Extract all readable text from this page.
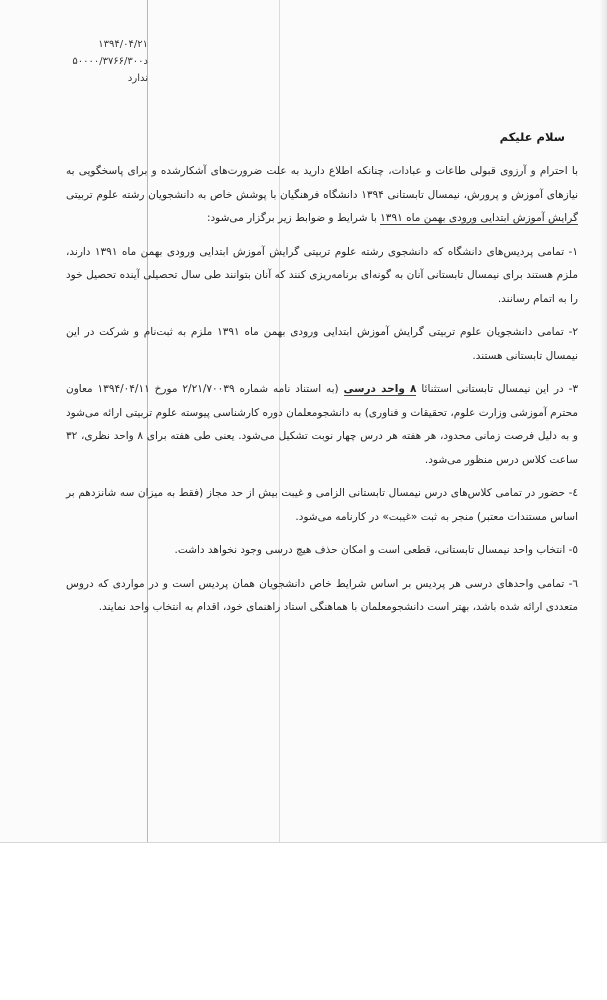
۱۳۹۴/۰۴/۲۱
۵۰۰۰۰/۳۷۶۶/۳۰۰د
ندارد
سلام علیکم

با احترام و آرزوی قبولی طاعات و عبادات، چنانکه اطلاع دارید به علت ضرورت‌های آشکارشده و برای پاسخگویی به نیازهای آموزش و پرورش، نیمسال تابستانی ۱۳۹۴ دانشگاه فرهنگیان با پوشش خاص به دانشجویان رشته علوم تربیتی گرایش آموزش ابتدایی ورودی بهمن ماه ۱۳۹۱ با شرایط و ضوابط زیر برگزار می‌شود:

۱- تمامی پردیس‌های دانشگاه که دانشجوی رشته علوم تربیتی گرایش آموزش ابتدایی ورودی بهمن ماه ۱۳۹۱ دارند، ملزم هستند برای نیمسال تابستانی آنان به گونه‌ای برنامه‌ریزی کنند که آنان بتوانند طی سال تحصیلی آینده تحصیل خود را به اتمام رسانند.

۲- تمامی دانشجویان علوم تربیتی گرایش آموزش ابتدایی ورودی بهمن ماه ۱۳۹۱ ملزم به ثبت‌نام و شرکت در این نیمسال تابستانی هستند.

۳- در این نیمسال تابستانی استثنائا ۸ واحد درسی (به استناد نامه شماره ۲/۲۱/۷۰۰۳۹ مورخ ۱۳۹۴/۰۴/۱۱ معاون محترم آموزشی وزارت علوم، تحقیقات و فناوری) به دانشجومعلمان دوره کارشناسی پیوسته علوم تربیتی ارائه می‌شود و به دلیل فرصت زمانی محدود، هر هفته هر درس چهار نوبت تشکیل می‌شود. یعنی طی هفته برای ۸ واحد نظری، ۳۲ ساعت کلاس درس منظور می‌شود.

٤- حضور در تمامی کلاس‌های درس نیمسال تابستانی الزامی و غیبت بیش از حد مجاز (فقط به میزان سه شانزدهم بر اساس مستندات معتبر) منجر به ثبت «غیبت» در کارنامه می‌شود.

٥- انتخاب واحد نیمسال تابستانی، قطعی است و امکان حذف هیچ درسی وجود نخواهد داشت.

٦- تمامی واحدهای درسی هر پردیس بر اساس شرایط خاص دانشجویان همان پردیس است و در مواردی که دروس متعددی ارائه شده باشد، بهتر است دانشجومعلمان با هماهنگی استاد راهنمای خود، اقدام به انتخاب واحد نمایند.
